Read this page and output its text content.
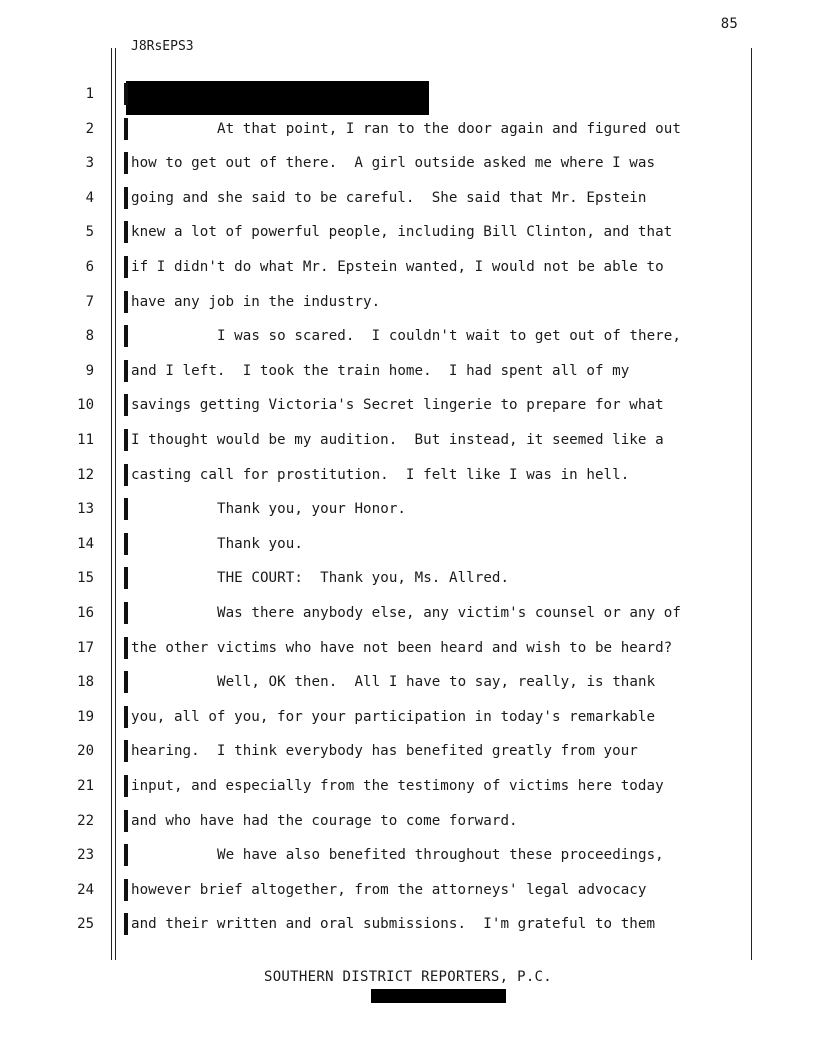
85
J8RsEPS3
1
2	At that point, I ran to the door again and figured out
3	how to get out of there.  A girl outside asked me where I was
4	going and she said to be careful.  She said that Mr. Epstein
5	knew a lot of powerful people, including Bill Clinton, and that
6	if I didn't do what Mr. Epstein wanted, I would not be able to
7	have any job in the industry.
8	I was so scared.  I couldn't wait to get out of there,
9	and I left.  I took the train home.  I had spent all of my
10	savings getting Victoria's Secret lingerie to prepare for what
11	I thought would be my audition.  But instead, it seemed like a
12	casting call for prostitution.  I felt like I was in hell.
13	Thank you, your Honor.
14	Thank you.
15	THE COURT:  Thank you, Ms. Allred.
16	Was there anybody else, any victim's counsel or any of
17	the other victims who have not been heard and wish to be heard?
18	Well, OK then.  All I have to say, really, is thank
19	you, all of you, for your participation in today's remarkable
20	hearing.  I think everybody has benefited greatly from your
21	input, and especially from the testimony of victims here today
22	and who have had the courage to come forward.
23	We have also benefited throughout these proceedings,
24	however brief altogether, from the attorneys' legal advocacy
25	and their written and oral submissions.  I'm grateful to them
SOUTHERN DISTRICT REPORTERS, P.C.
